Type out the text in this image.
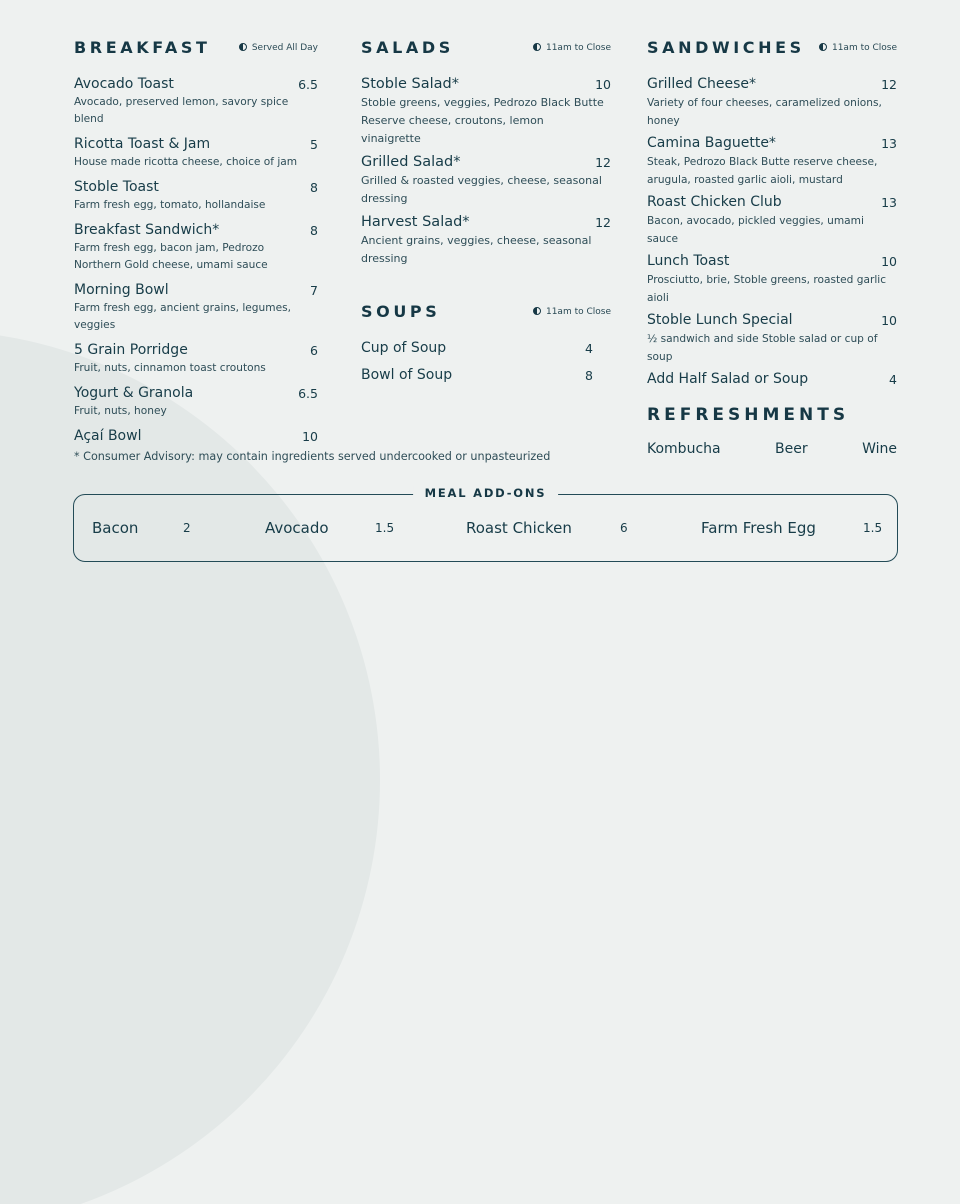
BREAKFAST	Served All Day
Avocado Toast	6.5
Avocado, preserved lemon, savory spice blend
Ricotta Toast & Jam	5
House made ricotta cheese, choice of jam
Stoble Toast	8
Farm fresh egg, tomato, hollandaise
Breakfast Sandwich*	8
Farm fresh egg, bacon jam, Pedrozo Northern Gold cheese, umami sauce
Morning Bowl	7
Farm fresh egg, ancient grains, legumes, veggies
5 Grain Porridge	6
Fruit, nuts, cinnamon toast croutons
Yogurt & Granola	6.5
Fruit, nuts, honey
Açaí Bowl	10
SALADS	11am to Close
Stoble Salad*	10
Stoble greens, veggies, Pedrozo Black Butte Reserve cheese, croutons, lemon vinaigrette
Grilled Salad*	12
Grilled & roasted veggies, cheese, seasonal dressing
Harvest Salad*	12
Ancient grains, veggies, cheese, seasonal dressing
SOUPS	11am to Close
Cup of Soup	4
Bowl of Soup	8
SANDWICHES	11am to Close
Grilled Cheese*	12
Variety of four cheeses, caramelized onions, honey
Camina Baguette*	13
Steak, Pedrozo Black Butte reserve cheese, arugula, roasted garlic aioli, mustard
Roast Chicken Club	13
Bacon, avocado, pickled veggies, umami sauce
Lunch Toast	10
Prosciutto, brie, Stoble greens, roasted garlic aioli
Stoble Lunch Special	10
½ sandwich and side Stoble salad or cup of soup
Add Half Salad or Soup	4
REFRESHMENTS
Kombucha	Beer	Wine
* Consumer Advisory: may contain ingredients served undercooked or unpasteurized
MEAL ADD-ONS
Bacon	2	Avocado	1.5	Roast Chicken	6	Farm Fresh Egg	1.5
